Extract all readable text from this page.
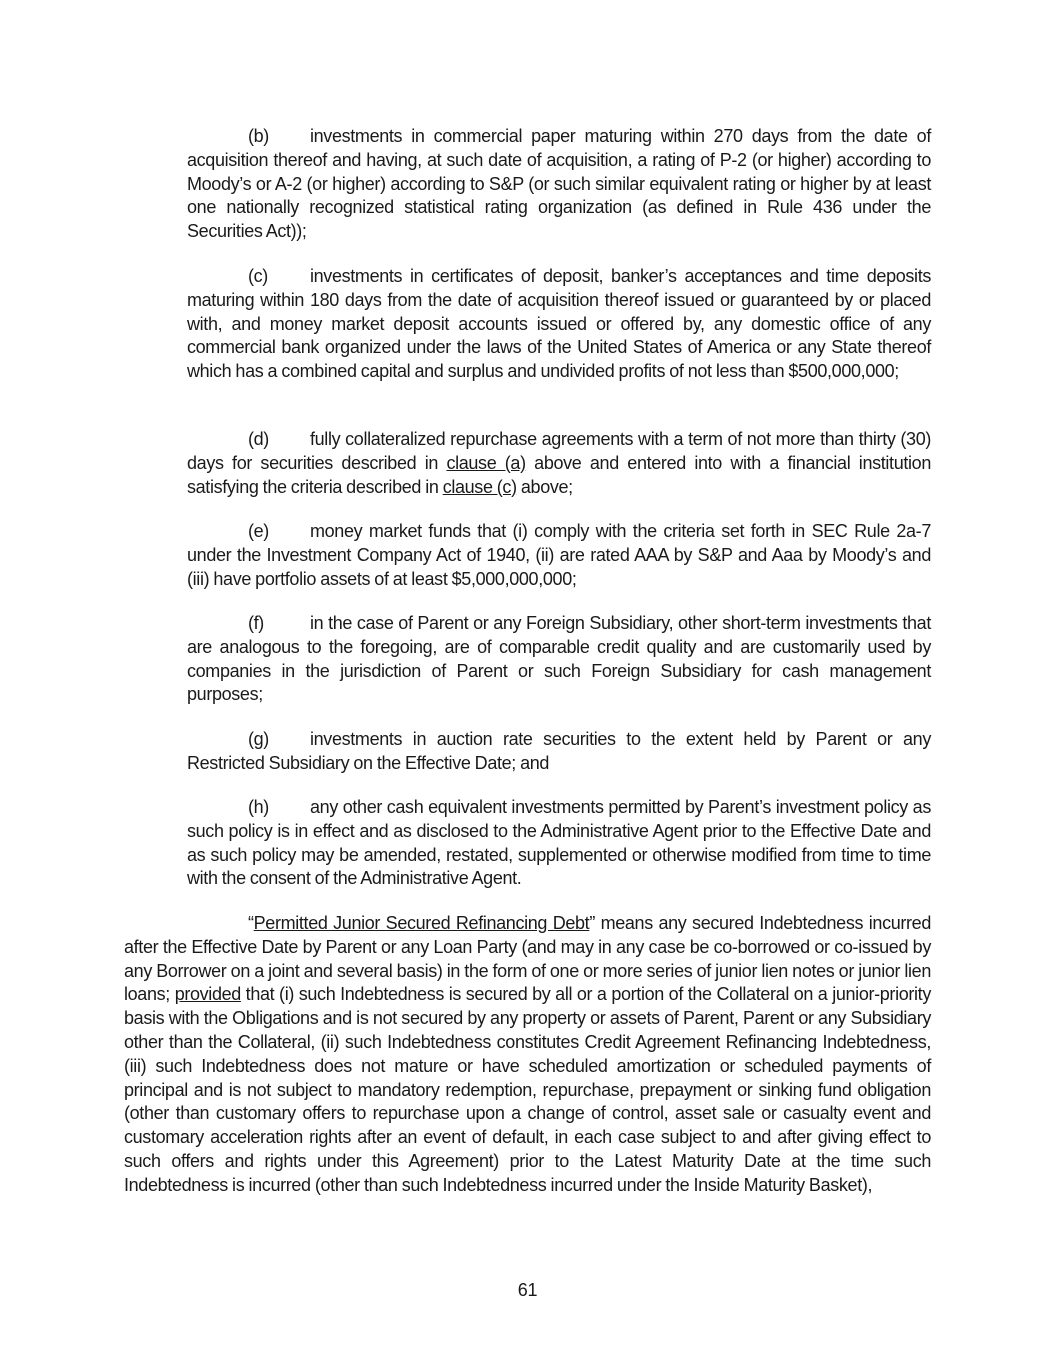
(b) investments in commercial paper maturing within 270 days from the date of acquisition thereof and having, at such date of acquisition, a rating of P-2 (or higher) according to Moody’s or A-2 (or higher) according to S&P (or such similar equivalent rating or higher by at least one nationally recognized statistical rating organization (as defined in Rule 436 under the Securities Act));

(c) investments in certificates of deposit, banker’s acceptances and time deposits maturing within 180 days from the date of acquisition thereof issued or guaranteed by or placed with, and money market deposit accounts issued or offered by, any domestic office of any commercial bank organized under the laws of the United States of America or any State thereof which has a combined capital and surplus and undivided profits of not less than $500,000,000;

(d) fully collateralized repurchase agreements with a term of not more than thirty (30) days for securities described in clause (a) above and entered into with a financial institution satisfying the criteria described in clause (c) above;

(e) money market funds that (i) comply with the criteria set forth in SEC Rule 2a-7 under the Investment Company Act of 1940, (ii) are rated AAA by S&P and Aaa by Moody’s and (iii) have portfolio assets of at least $5,000,000,000;

(f)	in the case of Parent or any Foreign Subsidiary, other short-term investments that are analogous to the foregoing, are of comparable credit quality and are customarily used by companies in the jurisdiction of Parent or such Foreign Subsidiary for cash management purposes;

(g) investments in auction rate securities to the extent held by Parent or any Restricted Subsidiary on the Effective Date; and

(h) any other cash equivalent investments permitted by Parent’s investment policy as such policy is in effect and as disclosed to the Administrative Agent prior to the Effective Date and as such policy may be amended, restated, supplemented or otherwise modified from time to time with the consent of the Administrative Agent.

“Permitted Junior Secured Refinancing Debt” means any secured Indebtedness incurred after the Effective Date by Parent or any Loan Party (and may in any case be co-borrowed or co-issued by any Borrower on a joint and several basis) in the form of one or more series of junior lien notes or junior lien loans; provided that (i) such Indebtedness is secured by all or a portion of the Collateral on a junior-priority basis with the Obligations and is not secured by any property or assets of Parent, Parent or any Subsidiary other than the Collateral, (ii) such Indebtedness constitutes Credit Agreement Refinancing Indebtedness, (iii) such Indebtedness does not mature or have scheduled amortization or scheduled payments of principal and is not subject to mandatory redemption, repurchase, prepayment or sinking fund obligation (other than customary offers to repurchase upon a change of control, asset sale or casualty event and customary acceleration rights after an event of default, in each case subject to and after giving effect to such offers and rights under this Agreement) prior to the Latest Maturity Date at the time such Indebtedness is incurred (other than such Indebtedness incurred under the Inside Maturity Basket),

61
